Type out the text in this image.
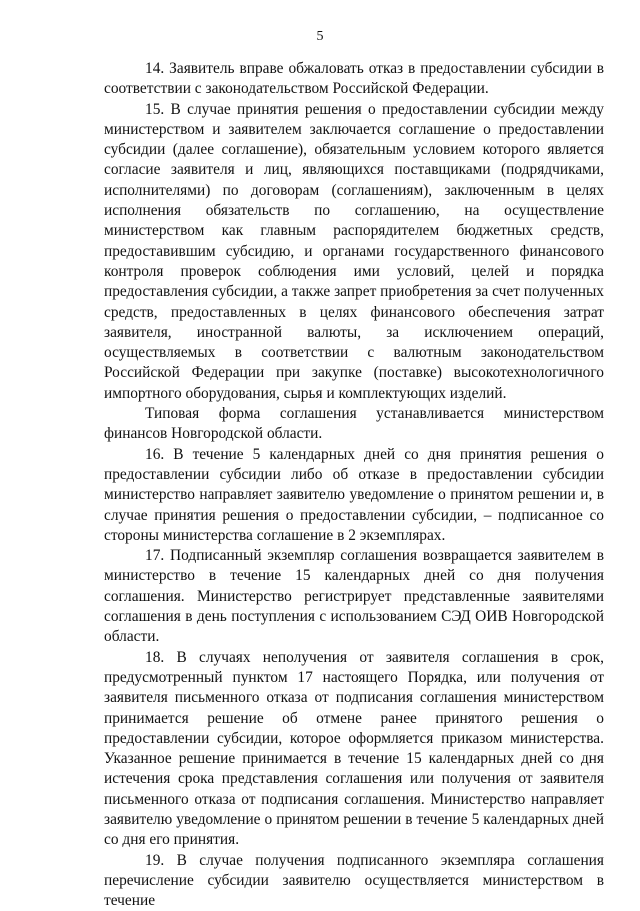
5

14. Заявитель вправе обжаловать отказ в предоставлении субсидии в соответствии с законодательством Российской Федерации.

15. В случае принятия решения о предоставлении субсидии между министерством и заявителем заключается соглашение о предоставлении субсидии (далее соглашение), обязательным условием которого является согласие заявителя и лиц, являющихся поставщиками (подрядчиками, исполнителями) по договорам (соглашениям), заключенным в целях исполнения обязательств по соглашению, на осуществление министерством как главным распорядителем бюджетных средств, предоставившим субсидию, и органами государственного финансового контроля проверок соблюдения ими условий, целей и порядка предоставления субсидии, а также запрет приобретения за счет полученных средств, предоставленных в целях финансового обеспечения затрат заявителя, иностранной валюты, за исключением операций, осуществляемых в соответствии с валютным законодательством Российской Федерации при закупке (поставке) высокотехнологичного импортного оборудования, сырья и комплектующих изделий.

Типовая форма соглашения устанавливается министерством финансов Новгородской области.

16. В течение 5 календарных дней со дня принятия решения о предоставлении субсидии либо об отказе в предоставлении субсидии министерство направляет заявителю уведомление о принятом решении и, в случае принятия решения о предоставлении субсидии, – подписанное со стороны министерства соглашение в 2 экземплярах.

17. Подписанный экземпляр соглашения возвращается заявителем в министерство в течение 15 календарных дней со дня получения соглашения. Министерство регистрирует представленные заявителями соглашения в день поступления с использованием СЭД ОИВ Новгородской области.

18. В случаях неполучения от заявителя соглашения в срок, предусмотренный пунктом 17 настоящего Порядка, или получения от заявителя письменного отказа от подписания соглашения министерством принимается решение об отмене ранее принятого решения о предоставлении субсидии, которое оформляется приказом министерства. Указанное решение принимается в течение 15 календарных дней со дня истечения срока представления соглашения или получения от заявителя письменного отказа от подписания соглашения. Министерство направляет заявителю уведомление о принятом решении в течение 5 календарных дней со дня его принятия.

19. В случае получения подписанного экземпляра соглашения перечисление субсидии заявителю осуществляется министерством в течение
